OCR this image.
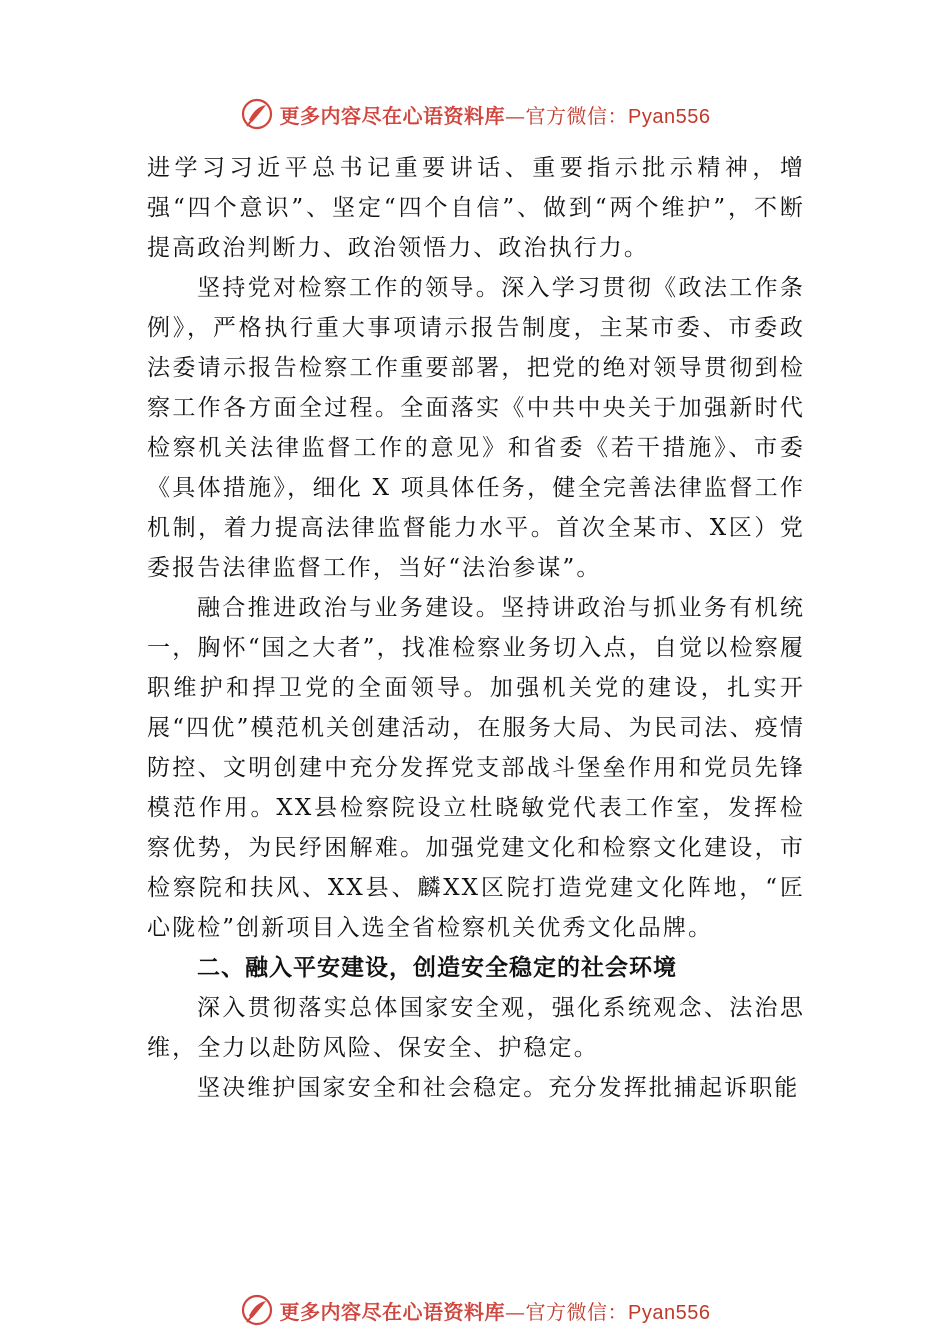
更多内容尽在心语资料库—官方微信：Pyan556

进学习习近平总书记重要讲话、重要指示批示精神，增强“四个意识”、坚定“四个自信”、做到“两个维护”，不断提高政治判断力、政治领悟力、政治执行力。

坚持党对检察工作的领导。深入学习贯彻《政法工作条例》，严格执行重大事项请示报告制度，主某市委、市委政法委请示报告检察工作重要部署，把党的绝对领导贯彻到检察工作各方面全过程。全面落实《中共中央关于加强新时代检察机关法律监督工作的意见》和省委《若干措施》、市委《具体措施》，细化 X 项具体任务，健全完善法律监督工作机制，着力提高法律监督能力水平。首次全某市、X区）党委报告法律监督工作，当好“法治参谋”。

融合推进政治与业务建设。坚持讲政治与抓业务有机统一，胸怀“国之大者”，找准检察业务切入点，自觉以检察履职维护和捍卫党的全面领导。加强机关党的建设，扎实开展“四优”模范机关创建活动，在服务大局、为民司法、疫情防控、文明创建中充分发挥党支部战斗堡垒作用和党员先锋模范作用。XX县检察院设立杜晓敏党代表工作室，发挥检察优势，为民纾困解难。加强党建文化和检察文化建设，市检察院和扶风、XX县、麟XX区院打造党建文化阵地，“匠心陇检”创新项目入选全省检察机关优秀文化品牌。

二、融入平安建设，创造安全稳定的社会环境

深入贯彻落实总体国家安全观，强化系统观念、法治思维，全力以赴防风险、保安全、护稳定。

坚决维护国家安全和社会稳定。充分发挥批捕起诉职能

更多内容尽在心语资料库—官方微信：Pyan556
